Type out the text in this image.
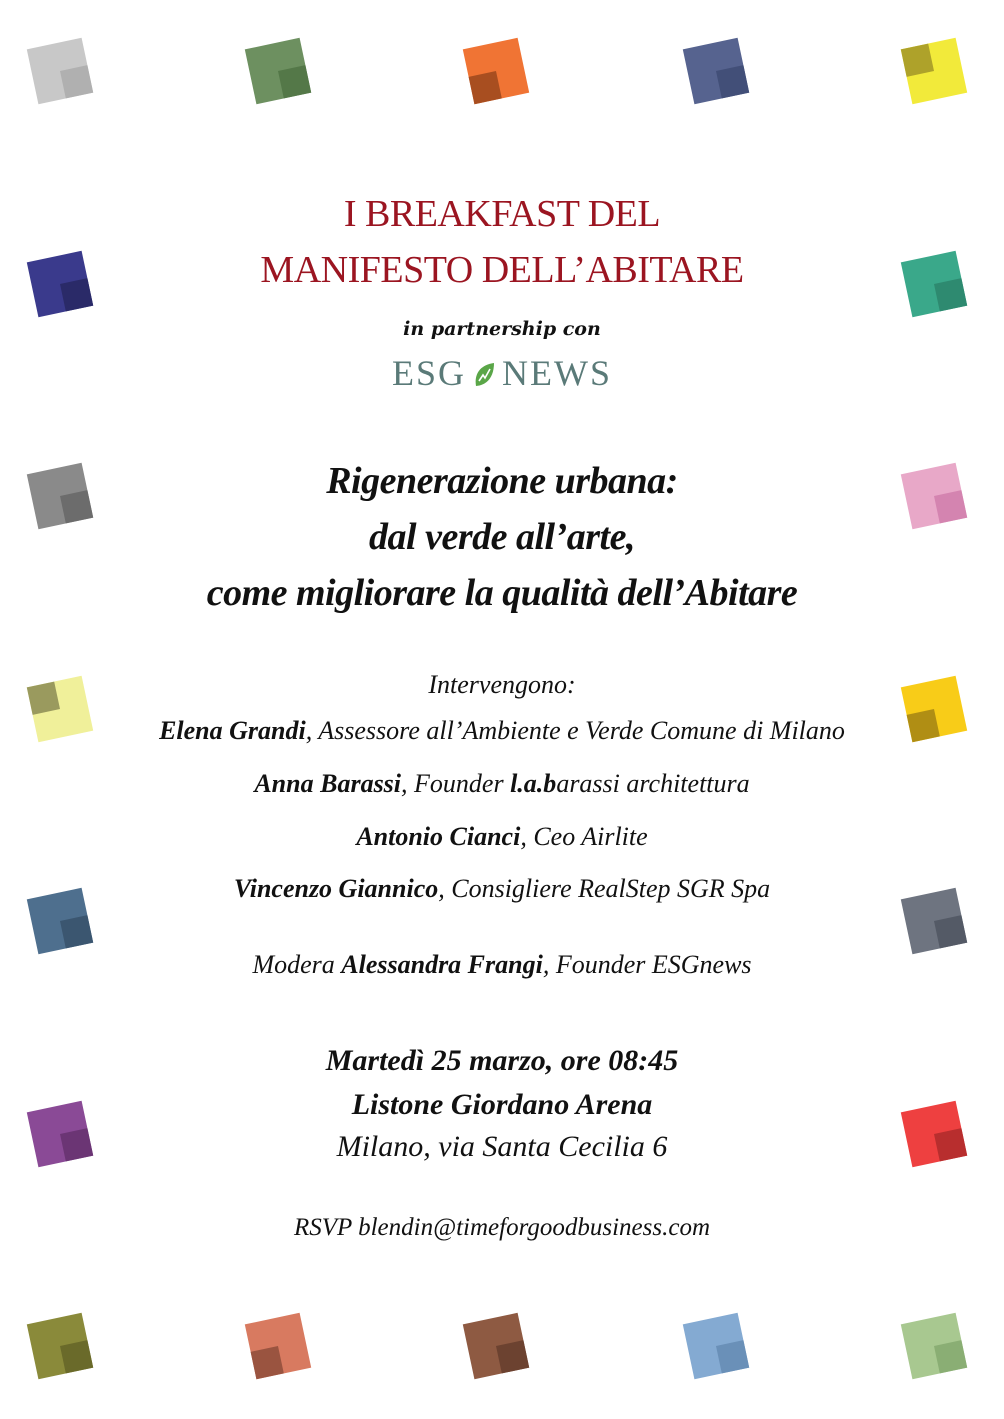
I BREAKFAST DEL
MANIFESTO DELL’ABITARE
in partnership con
ESG NEWS
Rigenerazione urbana:
dal verde all’arte,
come migliorare la qualità dell’Abitare
Intervengono:
Elena Grandi, Assessore all’Ambiente e Verde Comune di Milano
Anna Barassi, Founder l.a.barassi architettura
Antonio Cianci, Ceo Airlite
Vincenzo Giannico, Consigliere RealStep SGR Spa
Modera Alessandra Frangi, Founder ESGnews
Martedì 25 marzo, ore 08:45
Listone Giordano Arena
Milano, via Santa Cecilia 6
RSVP blendin@timeforgoodbusiness.com
